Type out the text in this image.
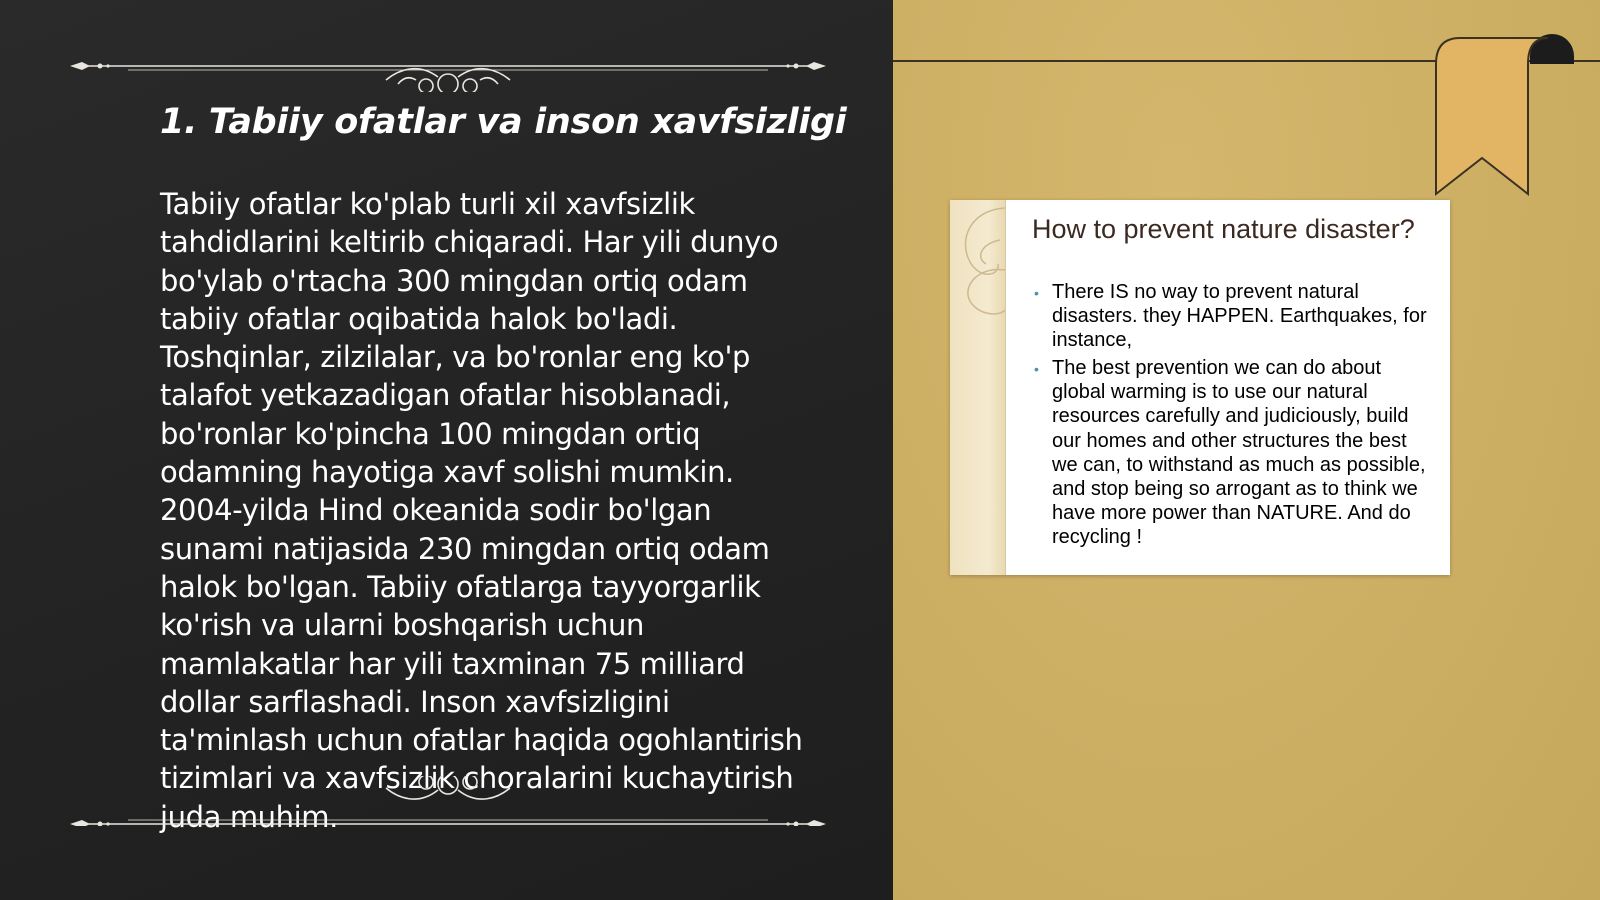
1. Tabiiy ofatlar va inson xavfsizligi

Tabiiy ofatlar ko'plab turli xil xavfsizlik tahdidlarini keltirib chiqaradi. Har yili dunyo bo'ylab o'rtacha 300 mingdan ortiq odam tabiiy ofatlar oqibatida halok bo'ladi. Toshqinlar, zilzilalar, va bo'ronlar eng ko'p talafot yetkazadigan ofatlar hisoblanadi, bo'ronlar ko'pincha 100 mingdan ortiq odamning hayotiga xavf solishi mumkin. 2004-yilda Hind okeanida sodir bo'lgan sunami natijasida 230 mingdan ortiq odam halok bo'lgan. Tabiiy ofatlarga tayyorgarlik ko'rish va ularni boshqarish uchun mamlakatlar har yili taxminan 75 milliard dollar sarflashadi. Inson xavfsizligini ta'minlash uchun ofatlar haqida ogohlantirish tizimlari va xavfsizlik choralarini kuchaytirish juda muhim.

How to prevent nature disaster?
• There IS no way to prevent natural disasters. they HAPPEN. Earthquakes, for instance,
• The best prevention we can do about global warming is to use our natural resources carefully and judiciously, build our homes and other structures the best we can, to withstand as much as possible, and stop being so arrogant as to think we have more power than NATURE. And do recycling !
